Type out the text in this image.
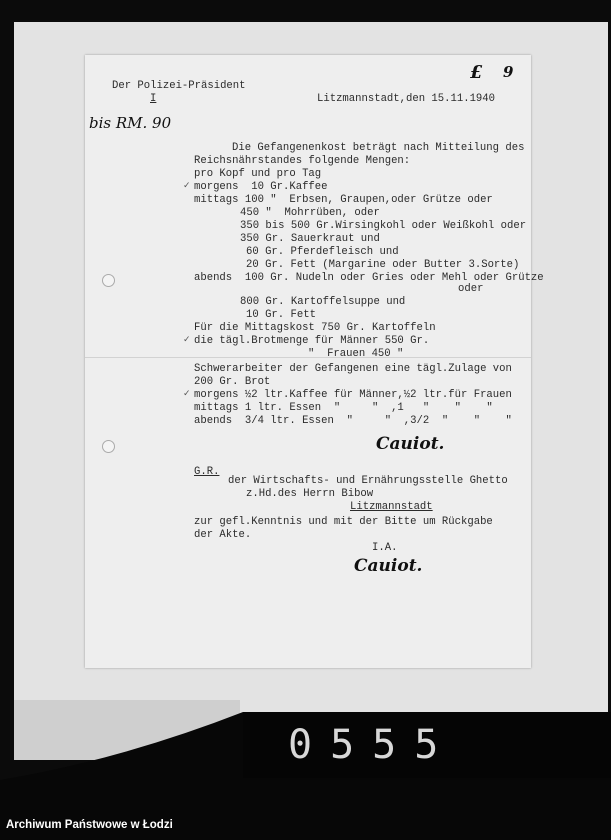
Der Polizei-Präsident
I	Litzmannstadt,den 15.11.1940
£ 9
bis RM. 90
Die Gefangenenkost beträgt nach Mitteilung des
Reichsnährstandes folgende Mengen:
pro Kopf und pro Tag
✓ morgens  10 Gr.Kaffee
mittags 100 "  Erbsen, Graupen,oder Grütze oder
450 "  Mohrrüben, oder
350 bis 500 Gr.Wirsingkohl oder Weißkohl oder
350 Gr. Sauerkraut und
60 Gr. Pferdefleisch und
20 Gr. Fett (Margarine oder Butter 3.Sorte)
abends  100 Gr. Nudeln oder Gries oder Mehl oder Grütze
oder
800 Gr. Kartoffelsuppe und
10 Gr. Fett
Für die Mittagskost 750 Gr. Kartoffeln
✓ die tägl.Brotmenge für Männer 550 Gr.
"  Frauen 450 "
Schwerarbeiter der Gefangenen eine tägl.Zulage von
200 Gr. Brot
✓ morgens ½2 ltr.Kaffee für Männer,½2 ltr.für Frauen
mittags 1 ltr. Essen  "     "  ,1   "    "    "
abends  3/4 ltr. Essen  "     "  ,3/2  "    "    "
Cauiot.
G.R.
der Wirtschafts- und Ernährungsstelle Ghetto
z.Hd.des Herrn Bibow
Litzmannstadt
zur gefl.Kenntnis und mit der Bitte um Rückgabe
der Akte.
I.A.
Cauiot.
0555
Archiwum Państwowe w Łodzi
